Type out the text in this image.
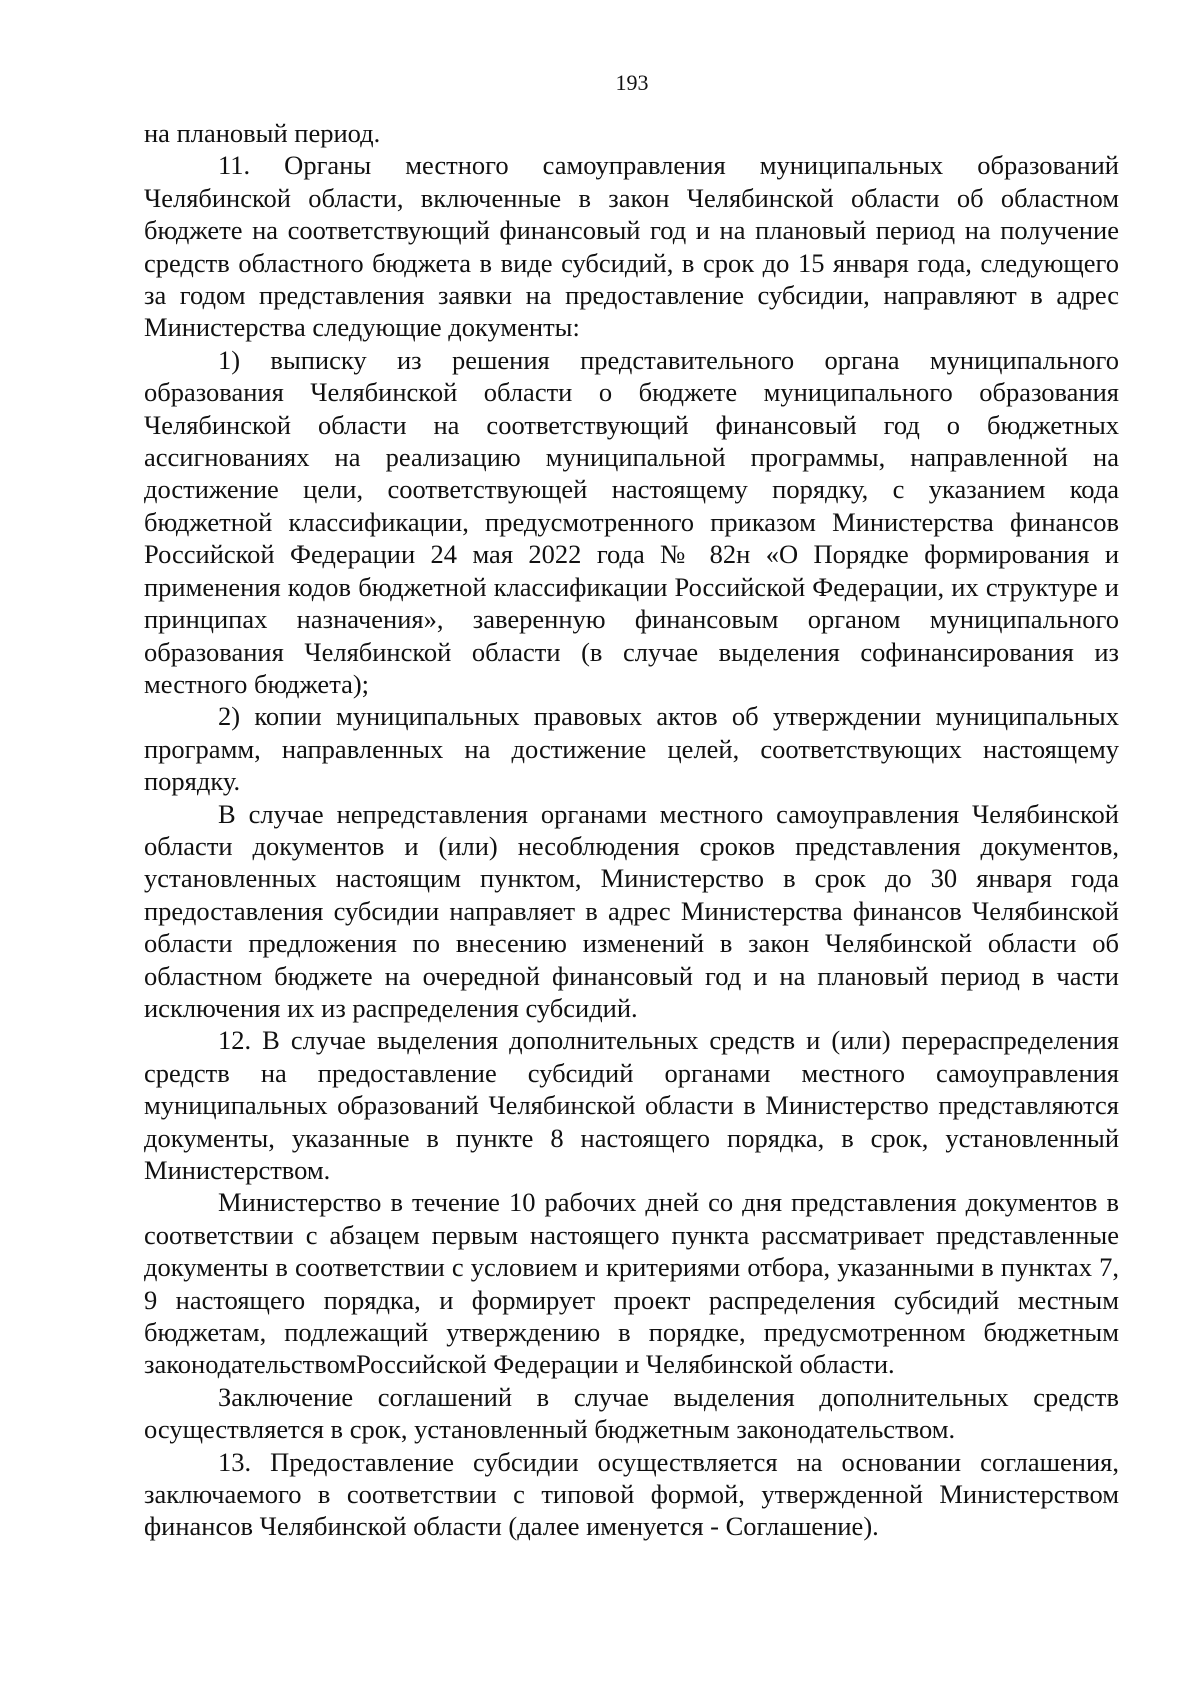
193

на плановый период.

11. Органы местного самоуправления муниципальных образований Челябинской области, включенные в закон Челябинской области об областном бюджете на соответствующий финансовый год и на плановый период на получение средств областного бюджета в виде субсидий, в срок до 15 января года, следующего за годом представления заявки на предоставление субсидии, направляют в адрес Министерства следующие документы:

1) выписку из решения представительного органа муниципального образования Челябинской области о бюджете муниципального образования Челябинской области на соответствующий финансовый год о бюджетных ассигнованиях на реализацию муниципальной программы, направленной на достижение цели, соответствующей настоящему порядку, с указанием кода бюджетной классификации, предусмотренного приказом Министерства финансов Российской Федерации 24 мая 2022 года № 82н «О Порядке формирования и применения кодов бюджетной классификации Российской Федерации, их структуре и принципах назначения», заверенную финансовым органом муниципального образования Челябинской области (в случае выделения софинансирования из местного бюджета);

2) копии муниципальных правовых актов об утверждении муниципальных программ, направленных на достижение целей, соответствующих настоящему порядку.

В случае непредставления органами местного самоуправления Челябинской области документов и (или) несоблюдения сроков представления документов, установленных настоящим пунктом, Министерство в срок до 30 января года предоставления субсидии направляет в адрес Министерства финансов Челябинской области предложения по внесению изменений в закон Челябинской области об областном бюджете на очередной финансовый год и на плановый период в части исключения их из распределения субсидий.

12. В случае выделения дополнительных средств и (или) перераспределения средств на предоставление субсидий органами местного самоуправления муниципальных образований Челябинской области в Министерство представляются документы, указанные в пункте 8 настоящего порядка, в срок, установленный Министерством.

Министерство в течение 10 рабочих дней со дня представления документов в соответствии с абзацем первым настоящего пункта рассматривает представленные документы в соответствии с условием и критериями отбора, указанными в пунктах 7, 9 настоящего порядка, и формирует проект распределения субсидий местным бюджетам, подлежащий утверждению в порядке, предусмотренном бюджетным законодательствомРоссийской Федерации и Челябинской области.

Заключение соглашений в случае выделения дополнительных средств осуществляется в срок, установленный бюджетным законодательством.

13. Предоставление субсидии осуществляется на основании соглашения, заключаемого в соответствии с типовой формой, утвержденной Министерством финансов Челябинской области (далее именуется - Соглашение).
